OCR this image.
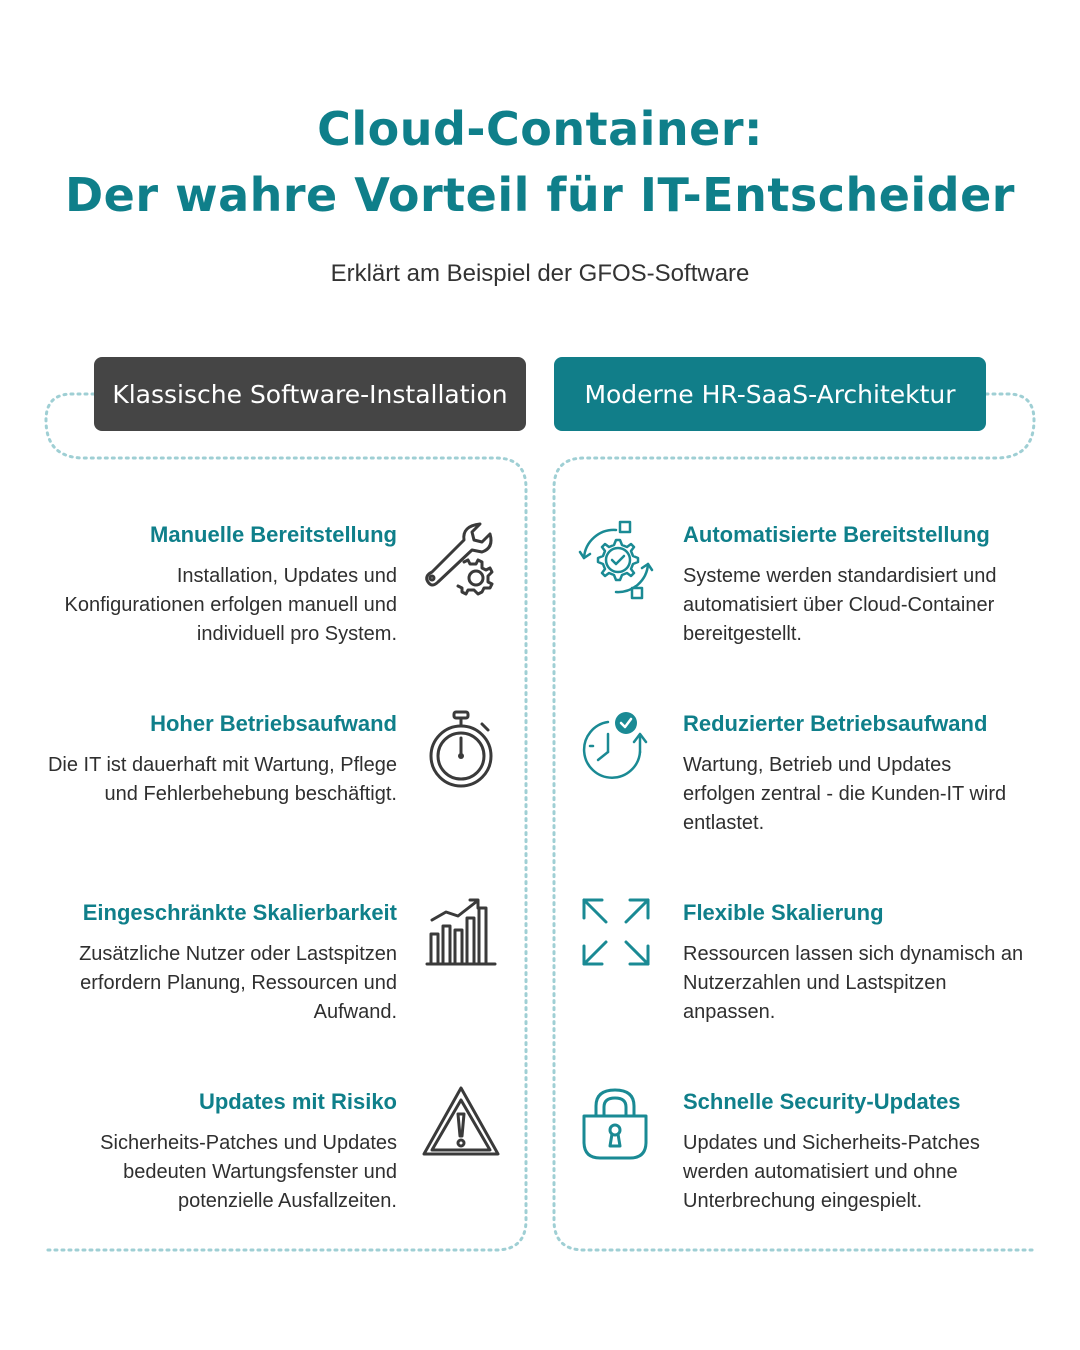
Cloud-Container:
Der wahre Vorteil für IT-Entscheider
Erklärt am Beispiel der GFOS-Software
Klassische Software-Installation	Moderne HR-SaaS-Architektur
Manuelle Bereitstellung
Installation, Updates und Konfigurationen erfolgen manuell und individuell pro System.
Hoher Betriebsaufwand
Die IT ist dauerhaft mit Wartung, Pflege und Fehlerbehebung beschäftigt.
Eingeschränkte Skalierbarkeit
Zusätzliche Nutzer oder Lastspitzen erfordern Planung, Ressourcen und Aufwand.
Updates mit Risiko
Sicherheits-Patches und Updates bedeuten Wartungsfenster und potenzielle Ausfallzeiten.
Automatisierte Bereitstellung
Systeme werden standardisiert und automatisiert über Cloud-Container bereitgestellt.
Reduzierter Betriebsaufwand
Wartung, Betrieb und Updates erfolgen zentral - die Kunden-IT wird entlastet.
Flexible Skalierung
Ressourcen lassen sich dynamisch an Nutzerzahlen und Lastspitzen anpassen.
Schnelle Security-Updates
Updates und Sicherheits-Patches werden automatisiert und ohne Unterbrechung eingespielt.
